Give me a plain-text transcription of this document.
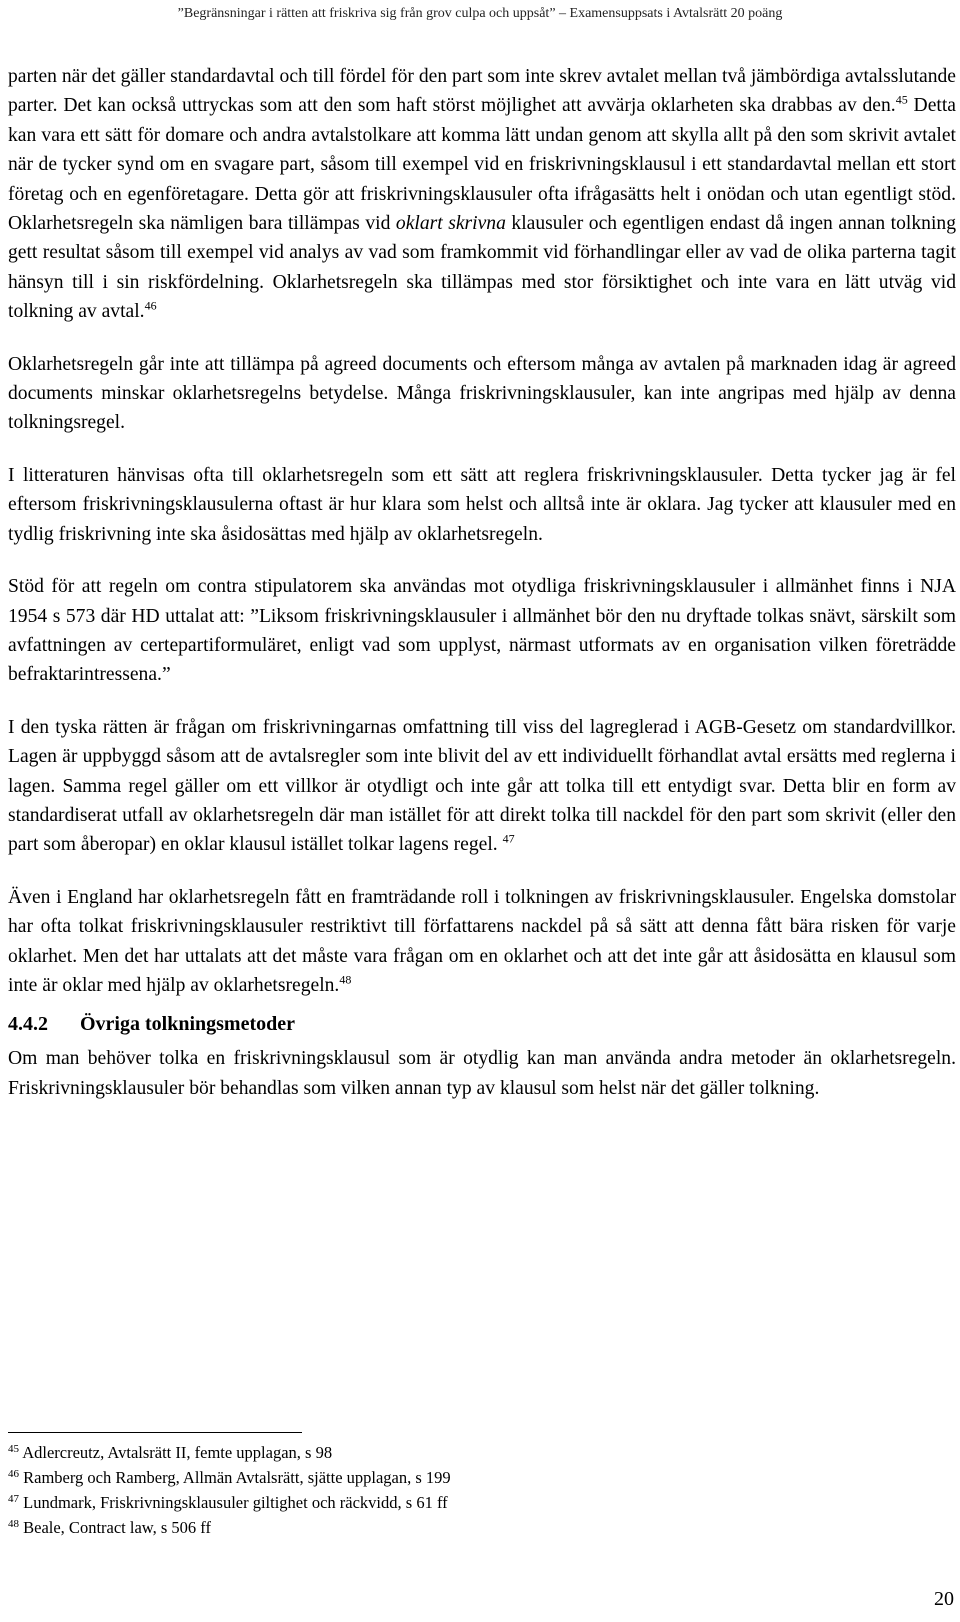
”Begränsningar i rätten att friskriva sig från grov culpa och uppsåt” – Examensuppsats i Avtalsrätt 20 poäng

parten när det gäller standardavtal och till fördel för den part som inte skrev avtalet mellan två jämbördiga avtalsslutande parter. Det kan också uttryckas som att den som haft störst möjlighet att avvärja oklarheten ska drabbas av den.$^{45}$ Detta kan vara ett sätt för domare och andra avtalstolkare att komma lätt undan genom att skylla allt på den som skrivit avtalet när de tycker synd om en svagare part, såsom till exempel vid en friskrivningsklausul i ett standardavtal mellan ett stort företag och en egenföretagare. Detta gör att friskrivningsklausuler ofta ifrågasätts helt i onödan och utan egentligt stöd. Oklarhetsregeln ska nämligen bara tillämpas vid oklart skrivna klausuler och egentligen endast då ingen annan tolkning gett resultat såsom till exempel vid analys av vad som framkommit vid förhandlingar eller av vad de olika parterna tagit hänsyn till i sin riskfördelning. Oklarhetsregeln ska tillämpas med stor försiktighet och inte vara en lätt utväg vid tolkning av avtal.$^{46}$

Oklarhetsregeln går inte att tillämpa på agreed documents och eftersom många av avtalen på marknaden idag är agreed documents minskar oklarhetsregelns betydelse. Många friskrivningsklausuler, kan inte angripas med hjälp av denna tolkningsregel.

I litteraturen hänvisas ofta till oklarhetsregeln som ett sätt att reglera friskrivningsklausuler. Detta tycker jag är fel eftersom friskrivningsklausulerna oftast är hur klara som helst och alltså inte är oklara. Jag tycker att klausuler med en tydlig friskrivning inte ska åsidosättas med hjälp av oklarhetsregeln.

Stöd för att regeln om contra stipulatorem ska användas mot otydliga friskrivningsklausuler i allmänhet finns i NJA 1954 s 573 där HD uttalat att: ”Liksom friskrivningsklausuler i allmänhet bör den nu dryftade tolkas snävt, särskilt som avfattningen av certepartiformuläret, enligt vad som upplyst, närmast utformats av en organisation vilken företrädde befraktarintressena.”

I den tyska rätten är frågan om friskrivningarnas omfattning till viss del lagreglerad i AGB-Gesetz om standardvillkor. Lagen är uppbyggd såsom att de avtalsregler som inte blivit del av ett individuellt förhandlat avtal ersätts med reglerna i lagen. Samma regel gäller om ett villkor är otydligt och inte går att tolka till ett entydigt svar. Detta blir en form av standardiserat utfall av oklarhetsregeln där man istället för att direkt tolka till nackdel för den part som skrivit (eller den part som åberopar) en oklar klausul istället tolkar lagens regel. $^{47}$

Även i England har oklarhetsregeln fått en framträdande roll i tolkningen av friskrivningsklausuler. Engelska domstolar har ofta tolkat friskrivningsklausuler restriktivt till författarens nackdel på så sätt att denna fått bära risken för varje oklarhet. Men det har uttalats att det måste vara frågan om en oklarhet och att det inte går att åsidosätta en klausul som inte är oklar med hjälp av oklarhetsregeln.$^{48}$

4.4.2 Övriga tolkningsmetoder

Om man behöver tolka en friskrivningsklausul som är otydlig kan man använda andra metoder än oklarhetsregeln. Friskrivningsklausuler bör behandlas som vilken annan typ av klausul som helst när det gäller tolkning.

$^{45}$ Adlercreutz, Avtalsrätt II, femte upplagan, s 98
$^{46}$ Ramberg och Ramberg, Allmän Avtalsrätt, sjätte upplagan, s 199
$^{47}$ Lundmark, Friskrivningsklausuler giltighet och räckvidd, s 61 ff
$^{48}$ Beale, Contract law, s 506 ff
20
